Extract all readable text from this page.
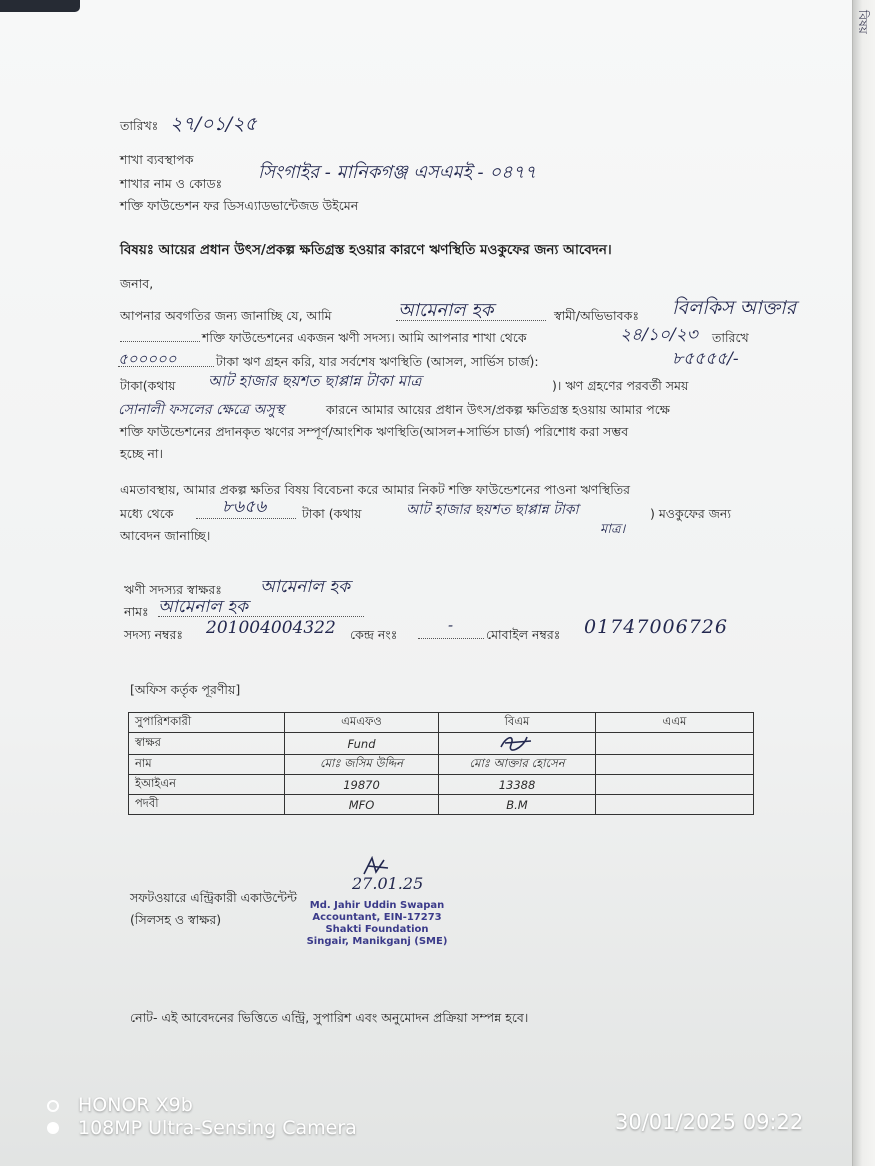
বিষয়
তারিখঃ ২৭/০১/২৫
শাখা ব্যবস্থাপক
শাখার নাম ও কোডঃ
সিংগাইর - মানিকগঞ্জ এসএমই - ০৪৭৭
শক্তি ফাউন্ডেশন ফর ডিসএ্যাডভান্টেজড উইমেন
বিষয়ঃ আয়ের প্রধান উৎস/প্রকল্প ক্ষতিগ্রস্ত হওয়ার কারণে ঋণস্থিতি মওকুফের জন্য আবেদন।
জনাব,
আপনার অবগতির জন্য জানাচ্ছি যে, আমি	আমেনাল হক	স্বামী/অভিভাবকঃ বিলকিস আক্তার
শক্তি ফাউন্ডেশনের একজন ঋণী সদস্য। আমি আপনার শাখা থেকে	২৪/১০/২৩ তারিখে
৫০০০০০	টাকা ঋণ গ্রহন করি, যার সর্বশেষ ঋণস্থিতি (আসল, সার্ভিস চার্জ):	৮৫৫৫৫/-
টাকা(কথায় আট হাজার ছয়শত ছাপ্পান্ন টাকা মাত্র	)। ঋণ গ্রহণের পরবর্তী সময়
সোনালী ফসলের ক্ষেত্রে অসুস্থ	কারনে আমার আয়ের প্রধান উৎস/প্রকল্প ক্ষতিগ্রস্ত হওয়ায় আমার পক্ষে
শক্তি ফাউন্ডেশনের প্রদানকৃত ঋণের সম্পূর্ণ/আংশিক ঋণস্থিতি(আসল+সার্ভিস চার্জ) পরিশোধ করা সম্ভব
হচ্ছে না।
এমতাবস্থায়, আমার প্রকল্প ক্ষতির বিষয় বিবেচনা করে আমার নিকট শক্তি ফাউন্ডেশনের পাওনা ঋণস্থিতির
মধ্যে থেকে	৮৬৫৬	টাকা (কথায়	আট হাজার ছয়শত ছাপ্পান্ন টাকা	) মওকুফের জন্য
মাত্র।
আবেদন জানাচ্ছি।
ঋণী সদস্যর স্বাক্ষরঃ আমেনাল হক
নামঃ আমেনাল হক
সদস্য নম্বরঃ 201004004322 কেন্দ্র নংঃ
-
মোবাইল নম্বরঃ 01747006726
[অফিস কর্তৃক পূরণীয়]
সুপারিশকারী	এমএফও	বিএম	এএম
স্বাক্ষর	Fund		
নাম	মোঃ জসিম উদ্দিন	মোঃ আক্তার হোসেন	
ইআইএন	19870	13388	
পদবী	MFO	B.M	
সফটওয়ারে এন্ট্রিকারী একাউন্টেন্ট
(সিলসহ ও স্বাক্ষর)
27.01.25
Md. Jahir Uddin Swapan
Accountant, EIN-17273
Shakti Foundation
Singair, Manikganj (SME)
নোট- এই আবেদনের ভিত্তিতে এন্ট্রি, সুপারিশ এবং অনুমোদন প্রক্রিয়া সম্পন্ন হবে।
HONOR X9b
108MP Ultra-Sensing Camera	30/01/2025 09:22
